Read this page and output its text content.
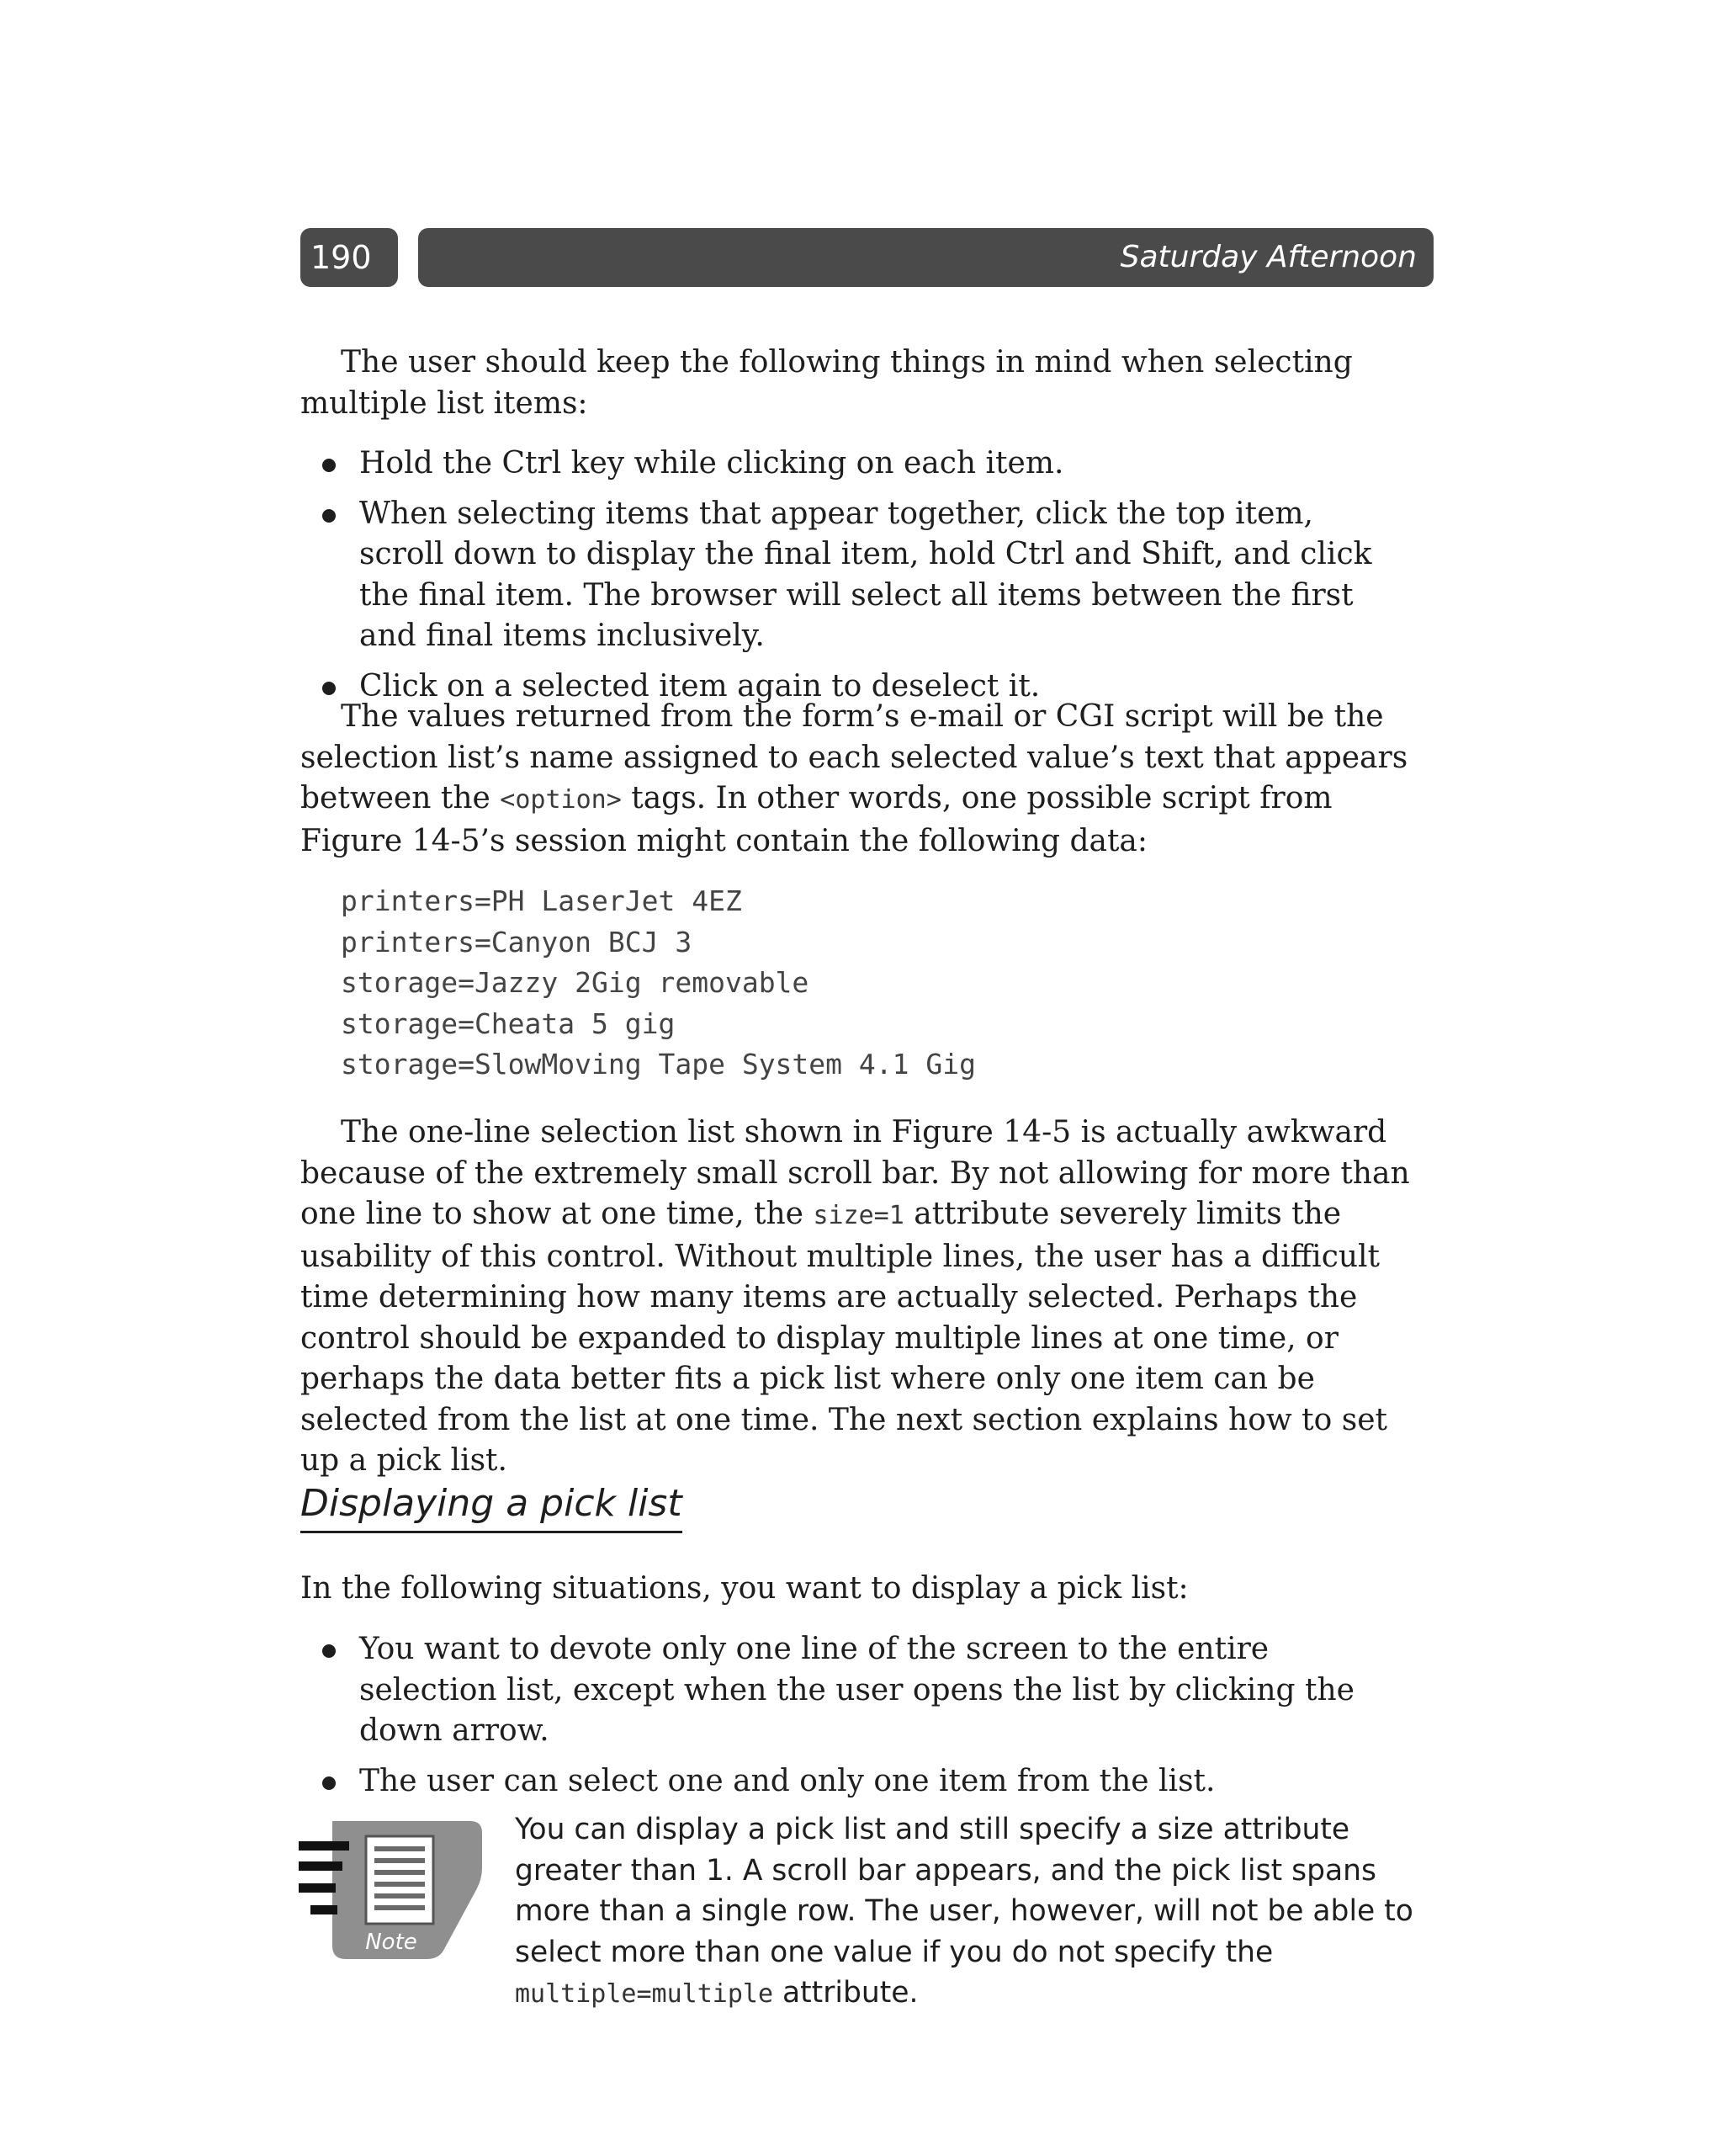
190	Saturday Afternoon

The user should keep the following things in mind when selecting multiple list items:

Hold the Ctrl key while clicking on each item.
When selecting items that appear together, click the top item, scroll down to display the final item, hold Ctrl and Shift, and click the final item. The browser will select all items between the first and final items inclusively.
Click on a selected item again to deselect it.

The values returned from the form’s e-mail or CGI script will be the selection list’s name assigned to each selected value’s text that appears between the <option> tags. In other words, one possible script from Figure 14-5’s session might contain the following data:

printers=PH LaserJet 4EZ
printers=Canyon BCJ 3
storage=Jazzy 2Gig removable
storage=Cheata 5 gig
storage=SlowMoving Tape System 4.1 Gig

The one-line selection list shown in Figure 14-5 is actually awkward because of the extremely small scroll bar. By not allowing for more than one line to show at one time, the size=1 attribute severely limits the usability of this control. Without multiple lines, the user has a difficult time determining how many items are actually selected. Perhaps the control should be expanded to display multiple lines at one time, or perhaps the data better fits a pick list where only one item can be selected from the list at one time. The next section explains how to set up a pick list.

Displaying a pick list

In the following situations, you want to display a pick list:

You want to devote only one line of the screen to the entire selection list, except when the user opens the list by clicking the down arrow.
The user can select one and only one item from the list.
Note

You can display a pick list and still specify a size attribute greater than 1. A scroll bar appears, and the pick list spans more than a single row. The user, however, will not be able to select more than one value if you do not specify the multiple=multiple attribute.
